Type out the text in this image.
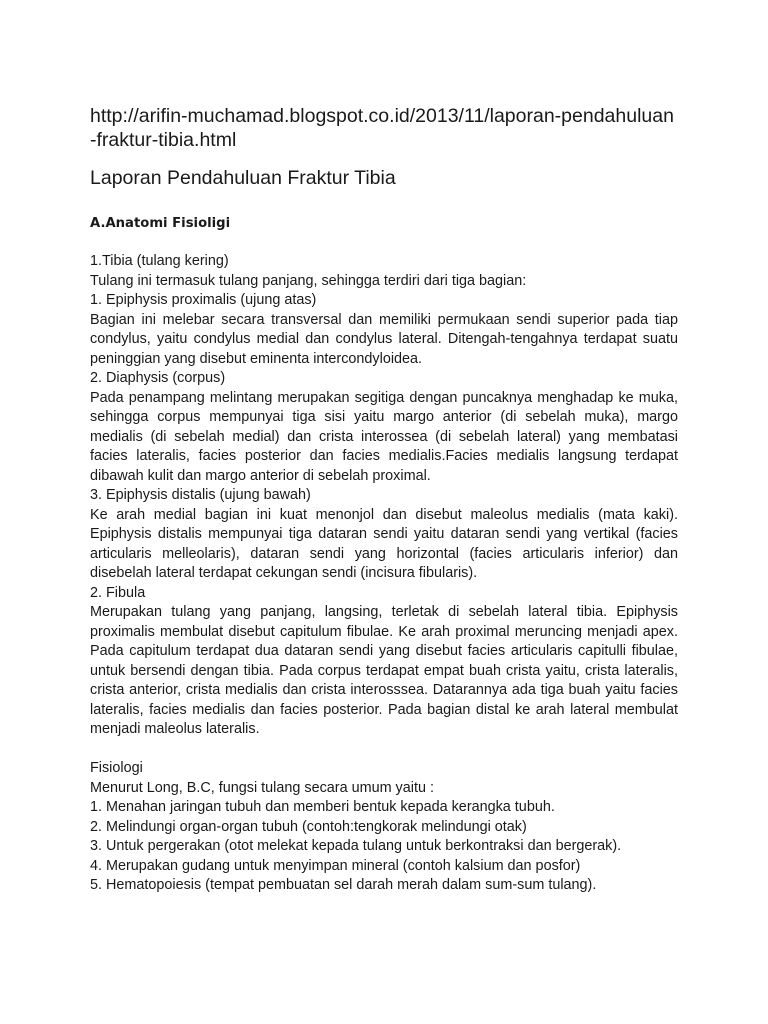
http://arifin-muchamad.blogspot.co.id/2013/11/laporan-pendahuluan-fraktur-tibia.html

Laporan Pendahuluan Fraktur Tibia

A.Anatomi Fisioligi

1.Tibia (tulang kering)

Tulang ini termasuk tulang panjang, sehingga terdiri dari tiga bagian:

1. Epiphysis proximalis (ujung atas)

Bagian ini melebar secara transversal dan memiliki permukaan sendi superior pada tiap condylus, yaitu condylus medial dan condylus lateral. Ditengah-tengahnya terdapat suatu peninggian yang disebut eminenta intercondyloidea.

2. Diaphysis (corpus)

Pada penampang melintang merupakan segitiga dengan puncaknya menghadap ke muka, sehingga corpus mempunyai tiga sisi yaitu margo anterior (di sebelah muka), margo medialis (di sebelah medial) dan crista interossea (di sebelah lateral) yang membatasi facies lateralis, facies posterior dan facies medialis.Facies medialis langsung terdapat dibawah kulit dan margo anterior di sebelah proximal.

3. Epiphysis distalis (ujung bawah)

Ke arah medial bagian ini kuat menonjol dan disebut maleolus medialis (mata kaki). Epiphysis distalis mempunyai tiga dataran sendi yaitu dataran sendi yang vertikal (facies articularis melleolaris), dataran sendi yang horizontal (facies articularis inferior) dan disebelah lateral terdapat cekungan sendi (incisura fibularis).

2. Fibula

Merupakan tulang yang panjang, langsing, terletak di sebelah lateral tibia. Epiphysis proximalis membulat disebut capitulum fibulae. Ke arah proximal meruncing menjadi apex. Pada capitulum terdapat dua dataran sendi yang disebut facies articularis capitulli fibulae, untuk bersendi dengan tibia. Pada corpus terdapat empat buah crista yaitu, crista lateralis, crista anterior, crista medialis dan crista interosssea. Datarannya ada tiga buah yaitu facies lateralis, facies medialis dan facies posterior. Pada bagian distal ke arah lateral membulat menjadi maleolus lateralis.

Fisiologi

Menurut Long, B.C, fungsi tulang secara umum yaitu :

1. Menahan jaringan tubuh dan memberi bentuk kepada kerangka tubuh.

2. Melindungi organ-organ tubuh (contoh:tengkorak melindungi otak)

3. Untuk pergerakan (otot melekat kepada tulang untuk berkontraksi dan bergerak).

4. Merupakan gudang untuk menyimpan mineral (contoh kalsium dan posfor)

5. Hematopoiesis (tempat pembuatan sel darah merah dalam sum-sum tulang).
